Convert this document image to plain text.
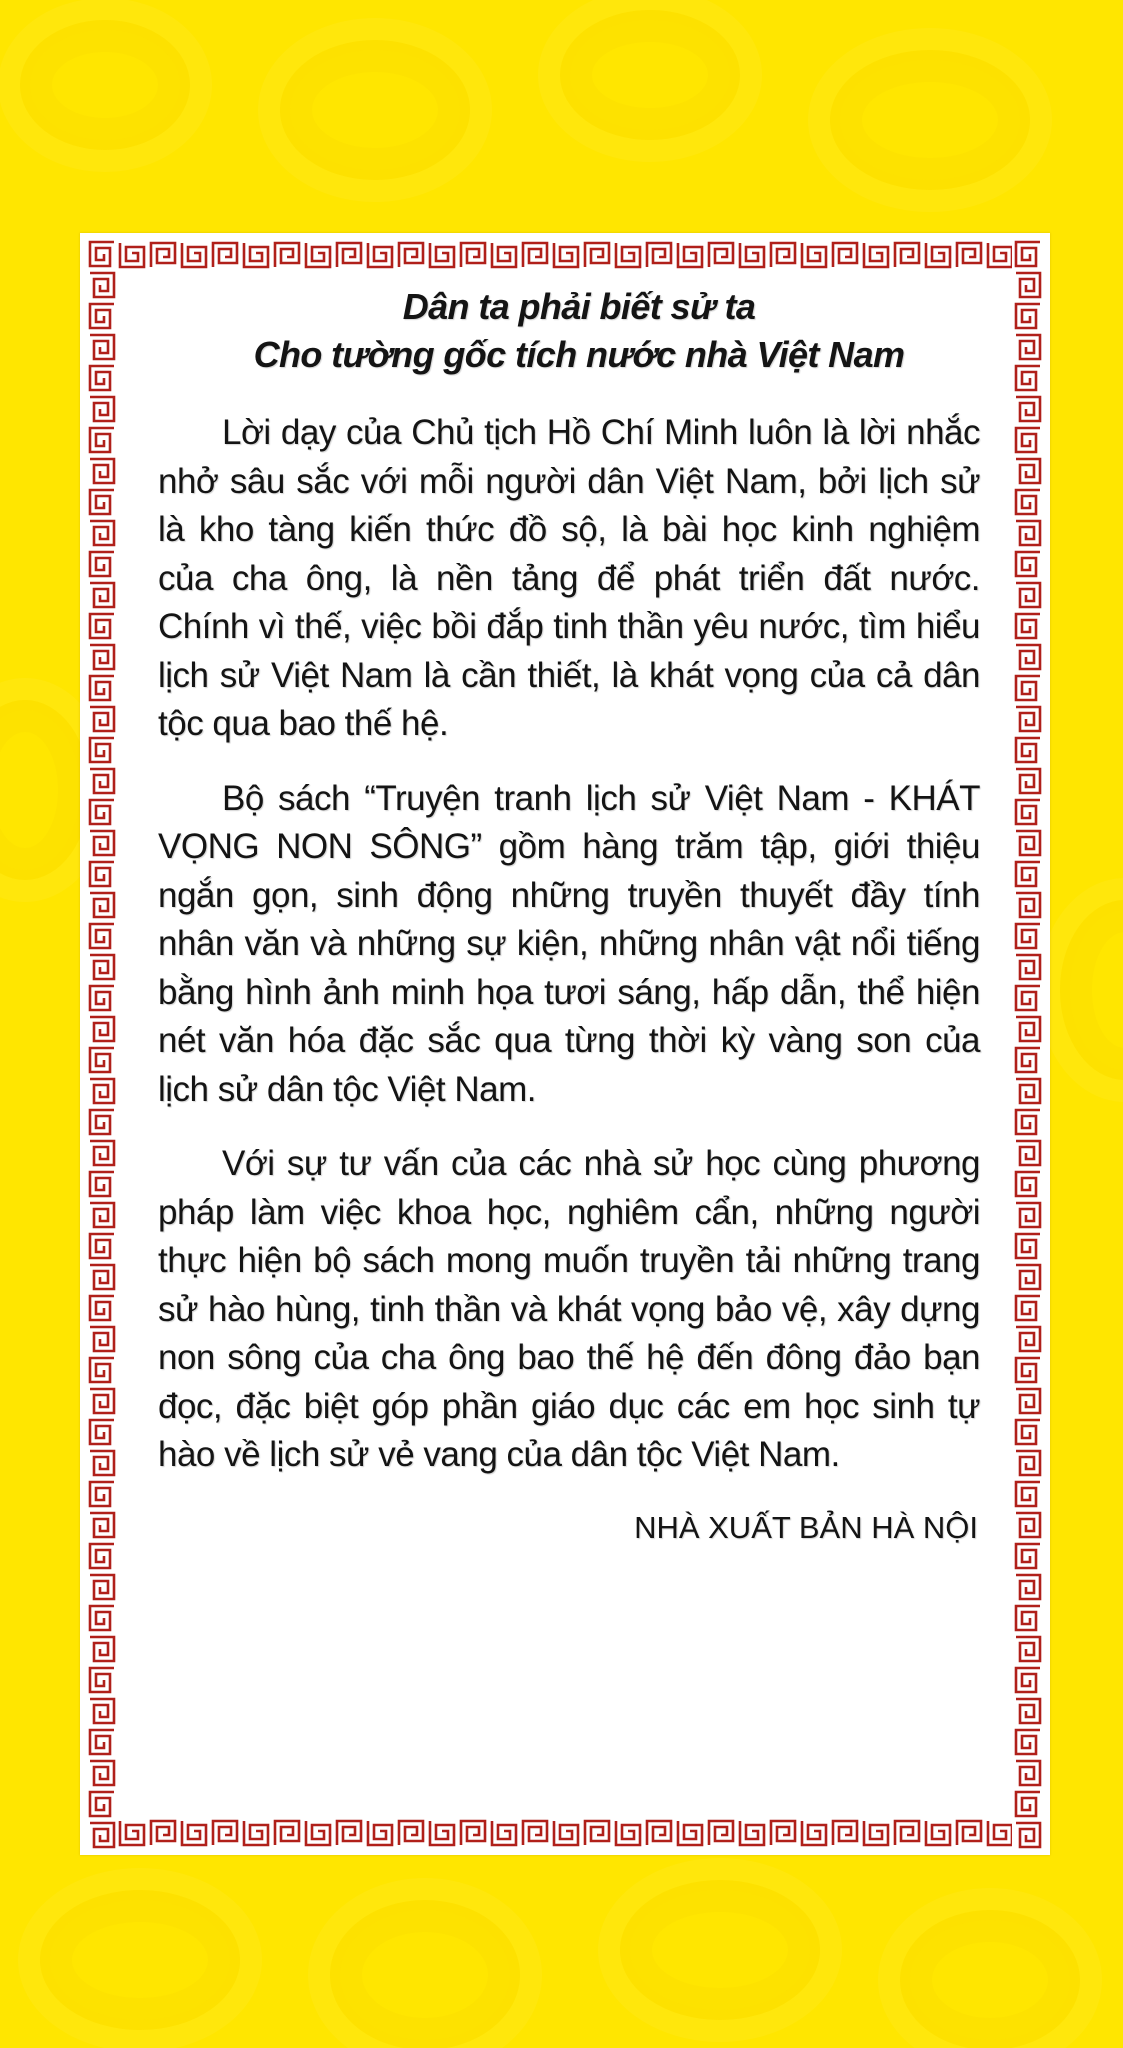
Dân ta phải biết sử ta
Cho tường gốc tích nước nhà Việt Nam

Lời dạy của Chủ tịch Hồ Chí Minh luôn là lời nhắc nhở sâu sắc với mỗi người dân Việt Nam, bởi lịch sử là kho tàng kiến thức đồ sộ, là bài học kinh nghiệm của cha ông, là nền tảng để phát triển đất nước. Chính vì thế, việc bồi đắp tinh thần yêu nước, tìm hiểu lịch sử Việt Nam là cần thiết, là khát vọng của cả dân tộc qua bao thế hệ.

Bộ sách “Truyện tranh lịch sử Việt Nam - KHÁT VỌNG NON SÔNG” gồm hàng trăm tập, giới thiệu ngắn gọn, sinh động những truyền thuyết đầy tính nhân văn và những sự kiện, những nhân vật nổi tiếng bằng hình ảnh minh họa tươi sáng, hấp dẫn, thể hiện nét văn hóa đặc sắc qua từng thời kỳ vàng son của lịch sử dân tộc Việt Nam.

Với sự tư vấn của các nhà sử học cùng phương pháp làm việc khoa học, nghiêm cẩn, những người thực hiện bộ sách mong muốn truyền tải những trang sử hào hùng, tinh thần và khát vọng bảo vệ, xây dựng non sông của cha ông bao thế hệ đến đông đảo bạn đọc, đặc biệt góp phần giáo dục các em học sinh tự hào về lịch sử vẻ vang của dân tộc Việt Nam.

NHÀ XUẤT BẢN HÀ NỘI
